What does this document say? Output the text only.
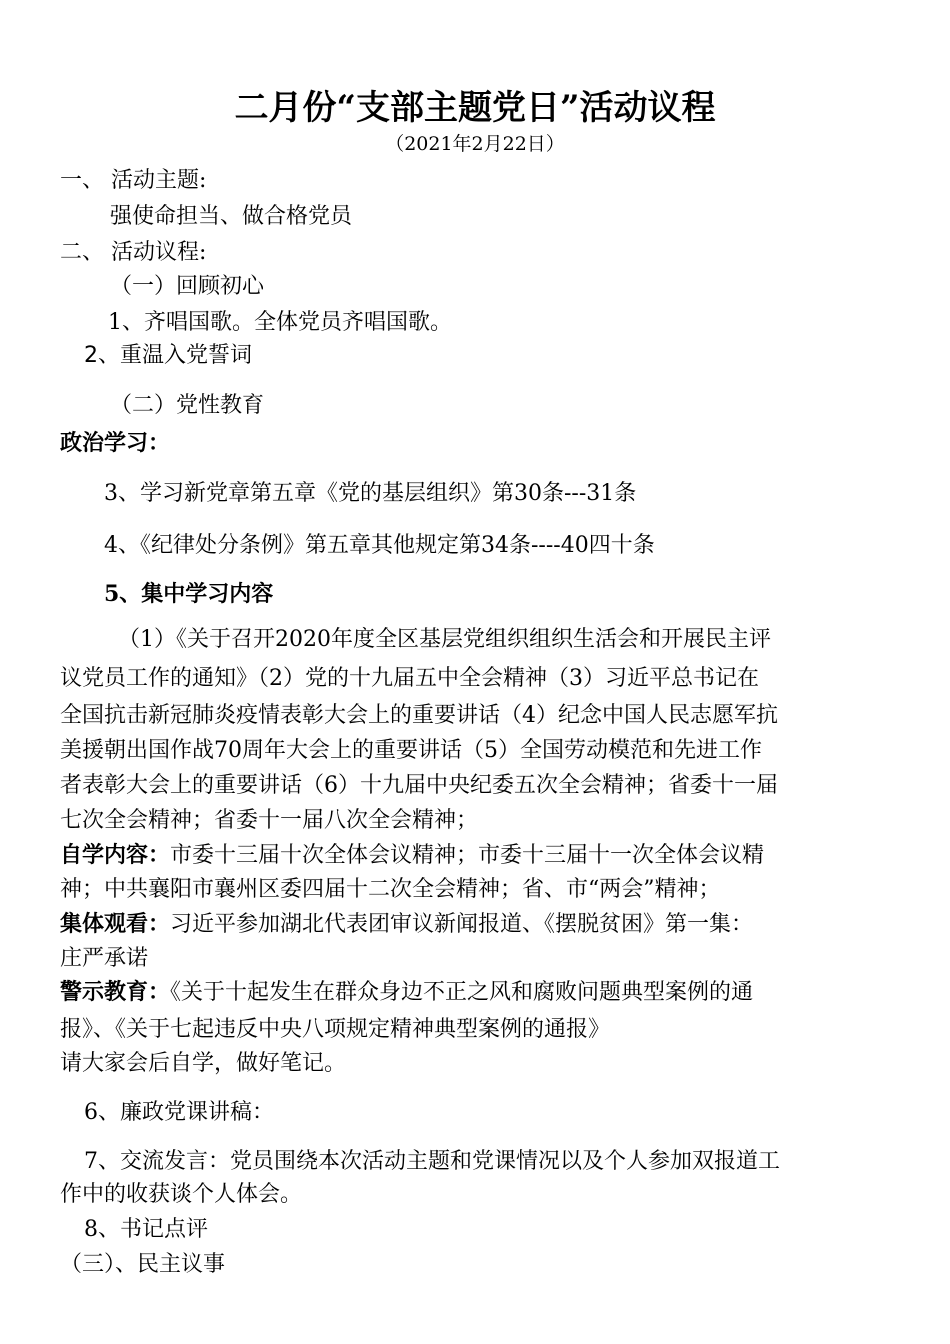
二月份“支部主题党日”活动议程
（2021年2月22日）
一、 活动主题:
强使命担当、做合格党员
二、 活动议程:
（一）回顾初心
1、齐唱国歌。全体党员齐唱国歌。
2、重温入党誓词
（二）党性教育
政治学习：
3、学习新党章第五章《党的基层组织》第30条---31条
4、《纪律处分条例》第五章其他规定第34条----40四十条
5、集中学习内容
（1）《关于召开2020年度全区基层党组织组织生活会和开展民主评
议党员工作的通知》（2）党的十九届五中全会精神（3）习近平总书记在
全国抗击新冠肺炎疫情表彰大会上的重要讲话（4）纪念中国人民志愿军抗
美援朝出国作战70周年大会上的重要讲话（5）全国劳动模范和先进工作
者表彰大会上的重要讲话（6）十九届中央纪委五次全会精神；省委十一届
七次全会精神；省委十一届八次全会精神；
自学内容：市委十三届十次全体会议精神；市委十三届十一次全体会议精
神；中共襄阳市襄州区委四届十二次全会精神；省、市“两会”精神；
集体观看：习近平参加湖北代表团审议新闻报道、《摆脱贫困》第一集：
庄严承诺
警示教育：《关于十起发生在群众身边不正之风和腐败问题典型案例的通
报》、《关于七起违反中央八项规定精神典型案例的通报》
请大家会后自学，做好笔记。
6、廉政党课讲稿：
7、交流发言：党员围绕本次活动主题和党课情况以及个人参加双报道工
作中的收获谈个人体会。
8、书记点评
（三）、民主议事
